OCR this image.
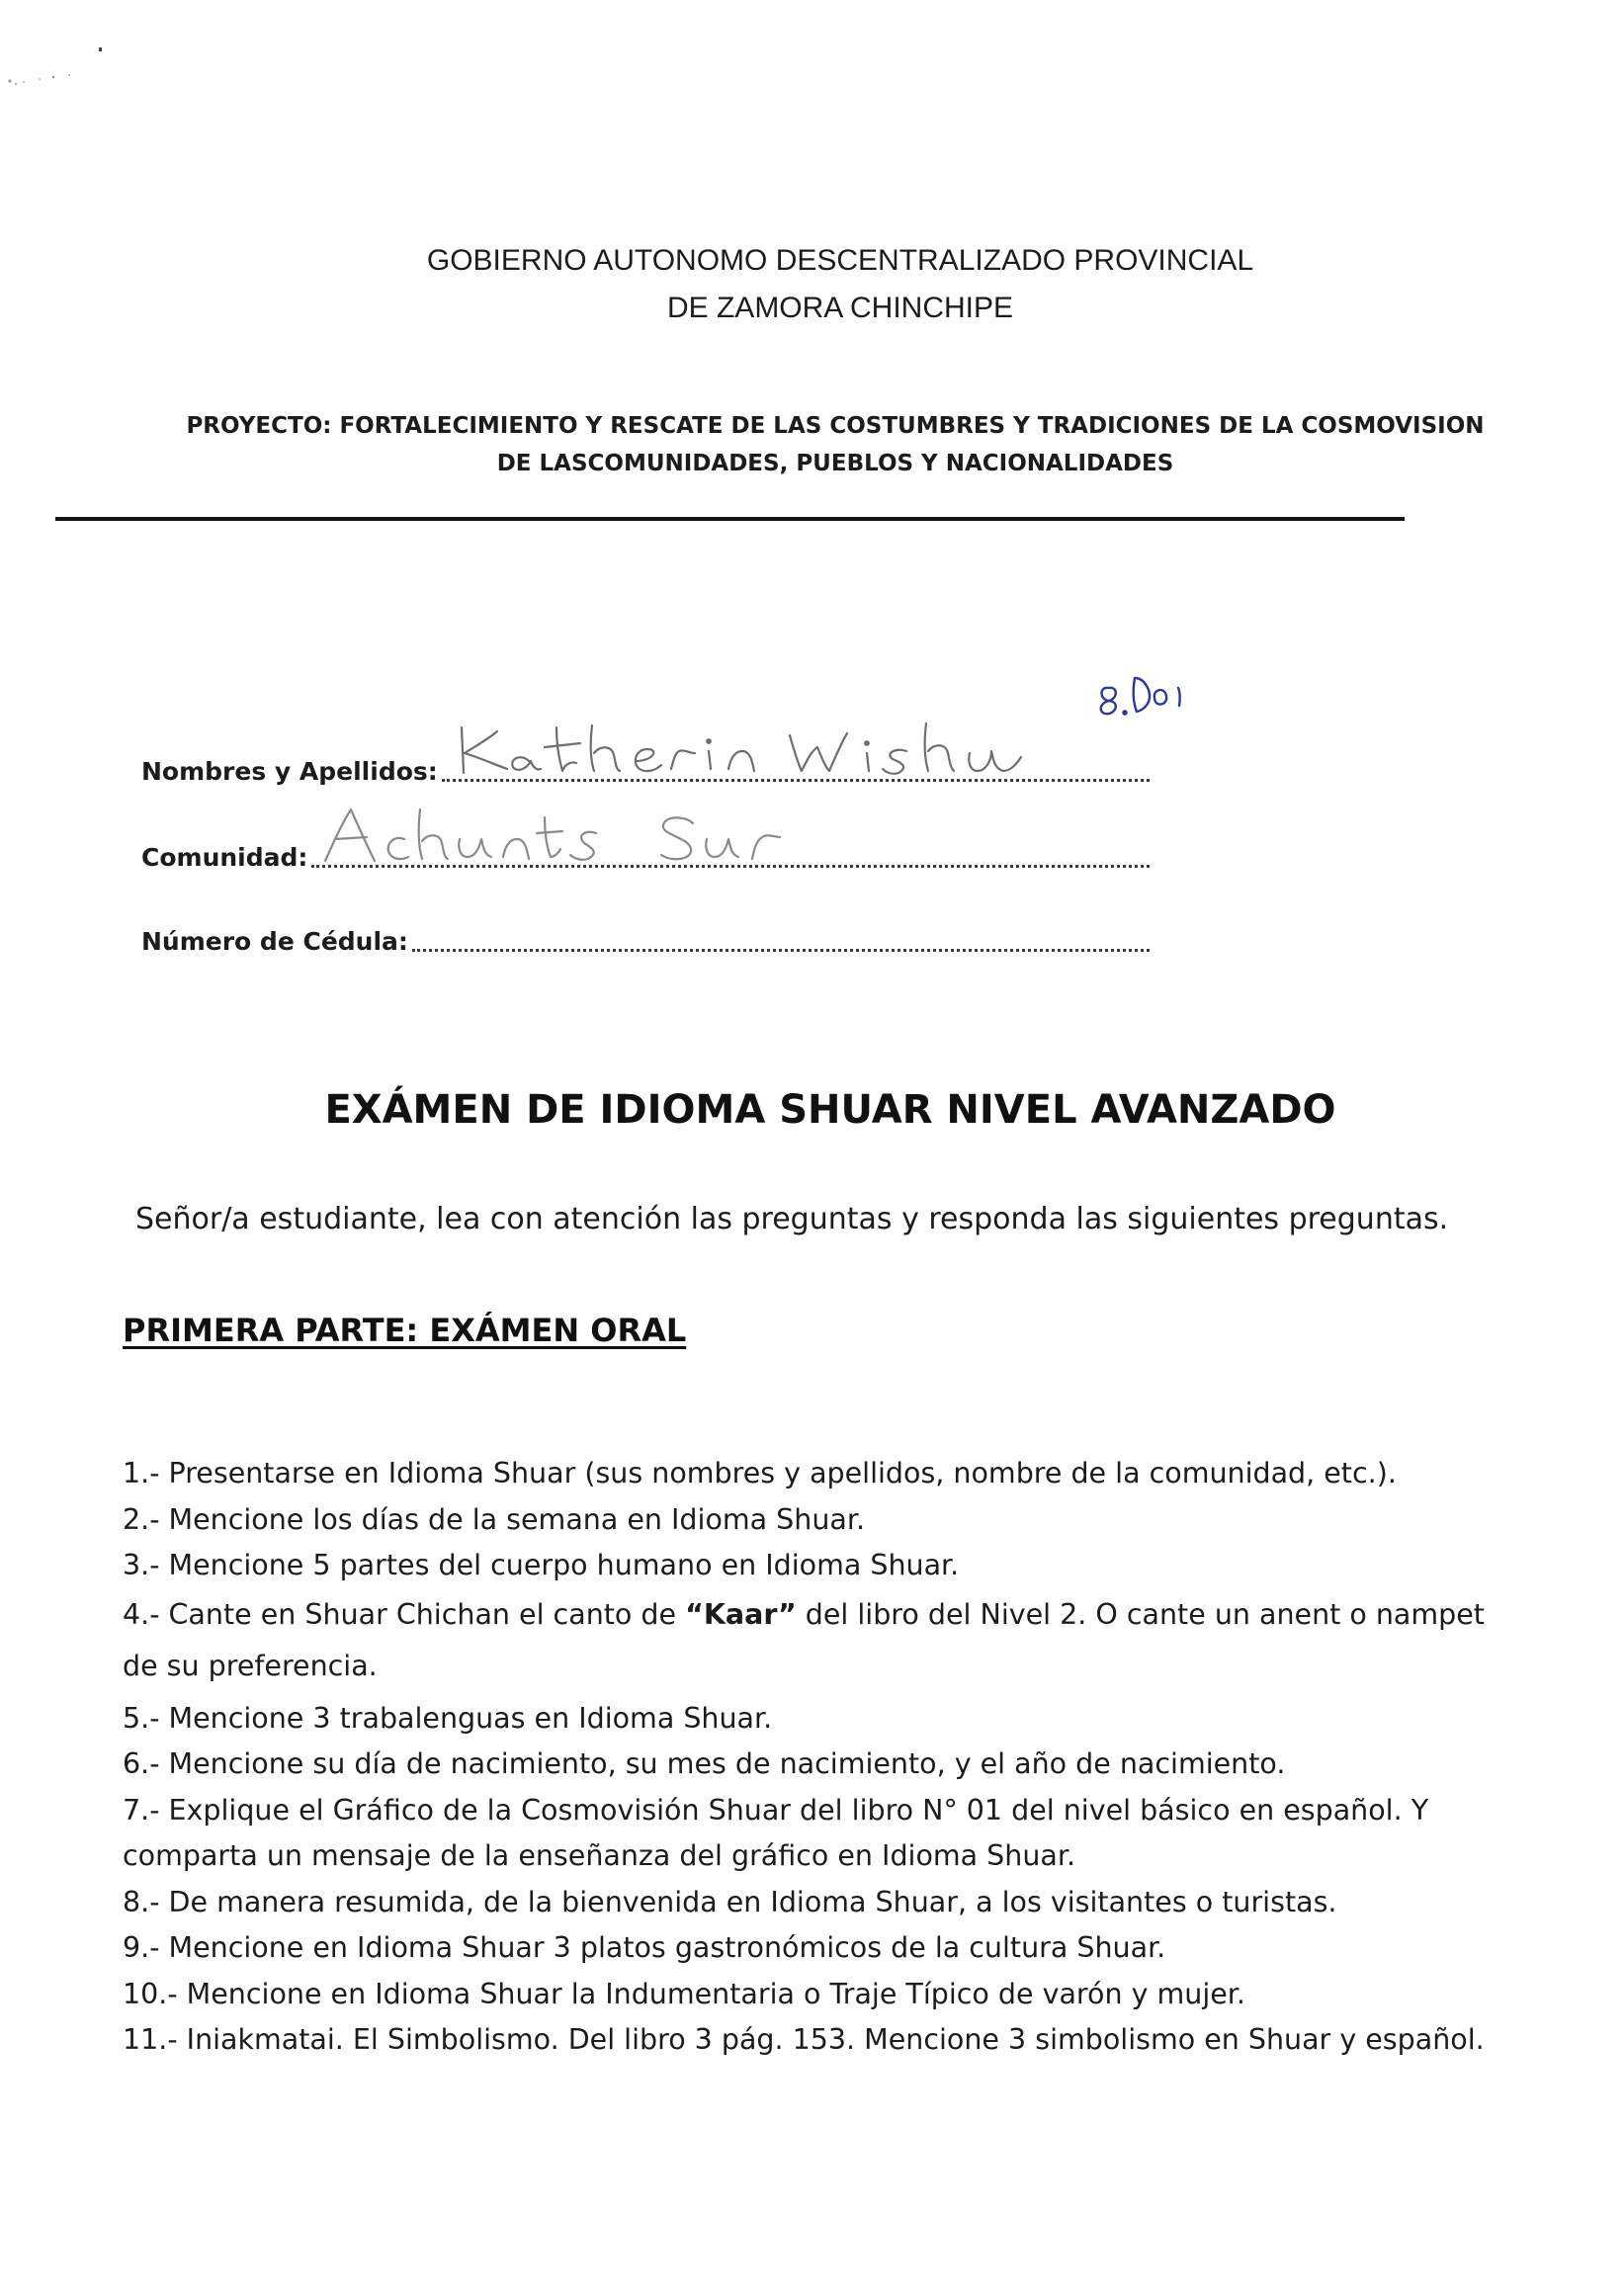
GOBIERNO AUTONOMO DESCENTRALIZADO PROVINCIAL
DE ZAMORA CHINCHIPE
PROYECTO: FORTALECIMIENTO Y RESCATE DE LAS COSTUMBRES Y TRADICIONES DE LA COSMOVISION
DE LASCOMUNIDADES, PUEBLOS Y NACIONALIDADES
Nombres y Apellidos:
Comunidad:
Número de Cédula:
EXÁMEN DE IDIOMA SHUAR NIVEL AVANZADO
Señor/a estudiante, lea con atención las preguntas y responda las siguientes preguntas.
PRIMERA PARTE: EXÁMEN ORAL
1.- Presentarse en Idioma Shuar (sus nombres y apellidos, nombre de la comunidad, etc.).
2.- Mencione los días de la semana en Idioma Shuar.
3.- Mencione 5 partes del cuerpo humano en Idioma Shuar.
4.- Cante en Shuar Chichan el canto de “Kaar” del libro del Nivel 2. O cante un anent o nampet
de su preferencia.
5.- Mencione 3 trabalenguas en Idioma Shuar.
6.- Mencione su día de nacimiento, su mes de nacimiento, y el año de nacimiento.
7.- Explique el Gráfico de la Cosmovisión Shuar del libro N° 01 del nivel básico en español. Y
comparta un mensaje de la enseñanza del gráfico en Idioma Shuar.
8.- De manera resumida, de la bienvenida en Idioma Shuar, a los visitantes o turistas.
9.- Mencione en Idioma Shuar 3 platos gastronómicos de la cultura Shuar.
10.- Mencione en Idioma Shuar la Indumentaria o Traje Típico de varón y mujer.
11.- Iniakmatai. El Simbolismo. Del libro 3 pág. 153. Mencione 3 simbolismo en Shuar y español.
